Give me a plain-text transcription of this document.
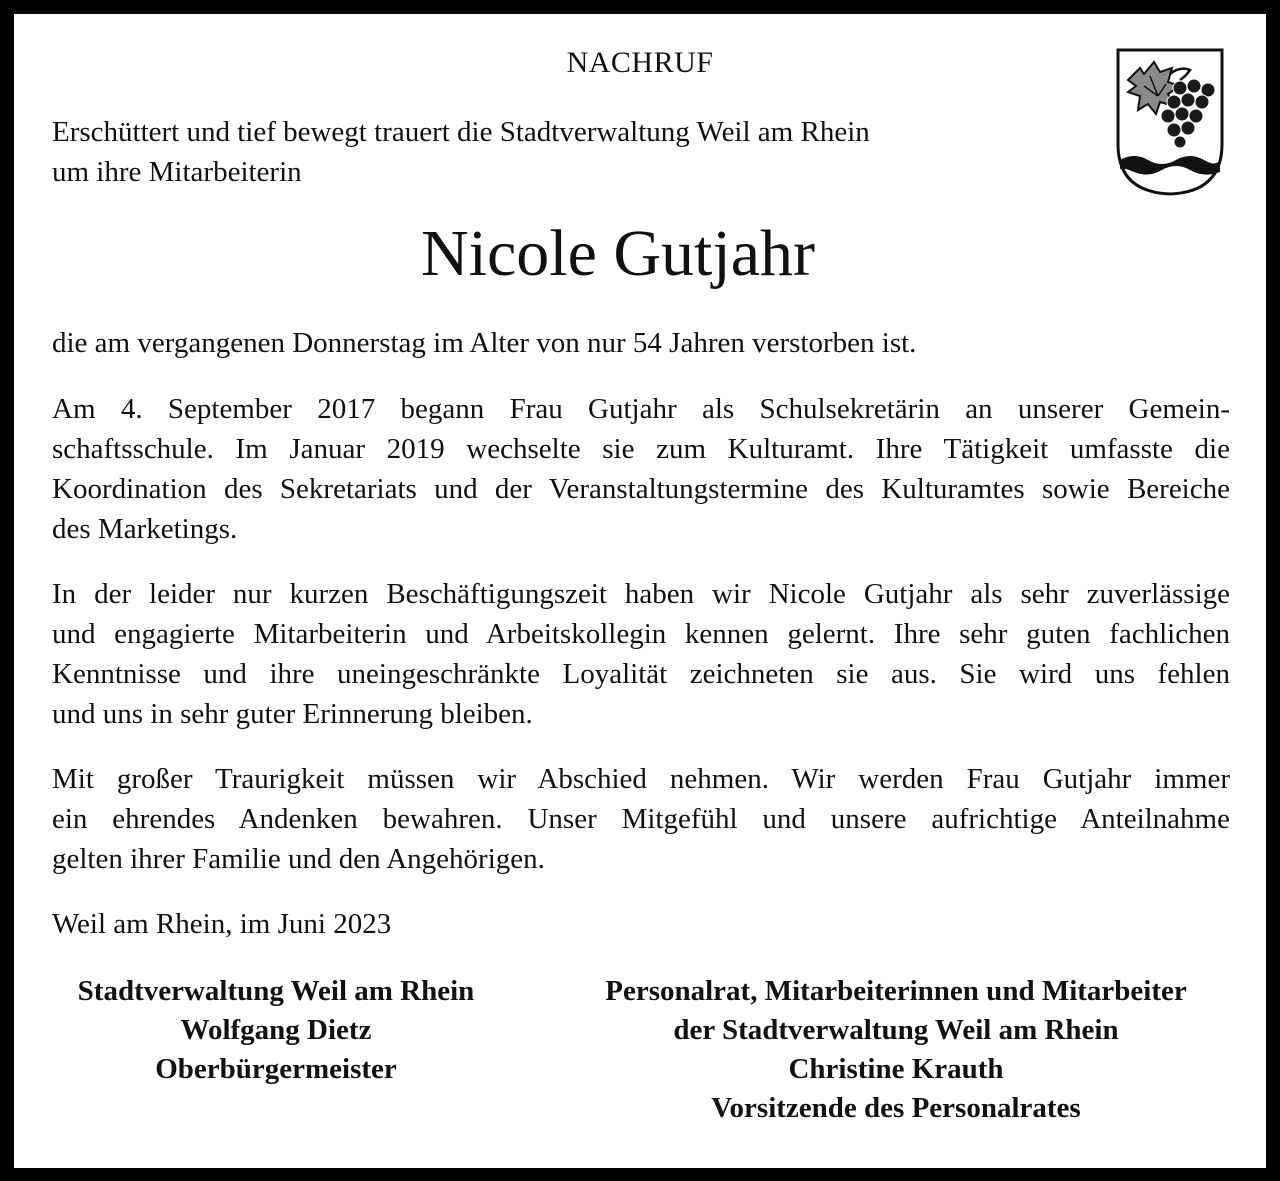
NACHRUF
Erschüttert und tief bewegt trauert die Stadtverwaltung Weil am Rhein
um ihre Mitarbeiterin
Nicole Gutjahr
die am vergangenen Donnerstag im Alter von nur 54 Jahren verstorben ist.
Am 4. September 2017 begann Frau Gutjahr als Schulsekretärin an unserer Gemein-
schaftsschule. Im Januar 2019 wechselte sie zum Kulturamt. Ihre Tätigkeit umfasste die
Koordination des Sekretariats und der Veranstaltungstermine des Kulturamtes sowie Bereiche
des Marketings.
In der leider nur kurzen Beschäftigungszeit haben wir Nicole Gutjahr als sehr zuverlässige
und engagierte Mitarbeiterin und Arbeitskollegin kennen gelernt. Ihre sehr guten fachlichen
Kenntnisse und ihre uneingeschränkte Loyalität zeichneten sie aus. Sie wird uns fehlen
und uns in sehr guter Erinnerung bleiben.
Mit großer Traurigkeit müssen wir Abschied nehmen. Wir werden Frau Gutjahr immer
ein ehrendes Andenken bewahren. Unser Mitgefühl und unsere aufrichtige Anteilnahme
gelten ihrer Familie und den Angehörigen.
Weil am Rhein, im Juni 2023
Stadtverwaltung Weil am Rhein
Wolfgang Dietz
Oberbürgermeister
Personalrat, Mitarbeiterinnen und Mitarbeiter
der Stadtverwaltung Weil am Rhein
Christine Krauth
Vorsitzende des Personalrates
